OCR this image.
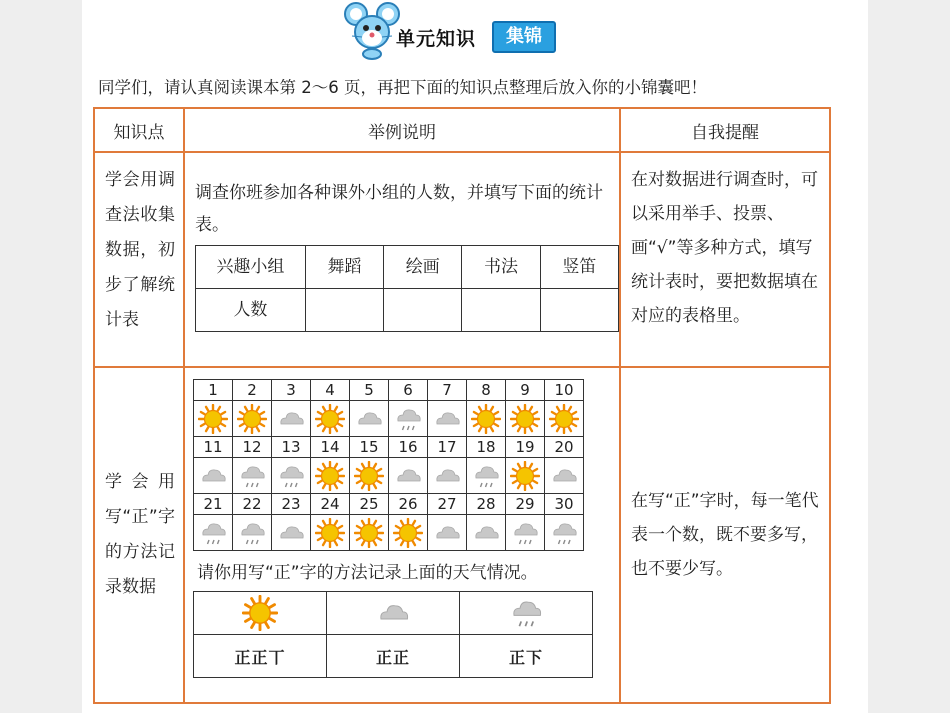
单元知识	集锦
同学们，请认真阅读课本第 2～6 页，再把下面的知识点整理后放入你的小锦囊吧！
知识点	举例说明	自我提醒
学会用调查法收集数据，初步了解统计表	
调查你班参加各种课外小组的人数，并填写下面的统计表。
兴趣小组	舞蹈	绘画	书法	竖笛
人数				
	在对数据进行调查时，可以采用举手、投票、画“√”等多种方式，填写统计表时，要把数据填在对应的表格里。
学会用写“正”字的方法记录数据	
1	2	3	4	5	6	7	8	9	10

11	12	13	14	15	16	17	18	19	20

21	22	23	24	25	26	27	28	29	30

请你用写“正”字的方法记录上面的天气情况。

正正丅	正正	正下
	在写“正”字时，每一笔代表一个数，既不要多写，也不要少写。
